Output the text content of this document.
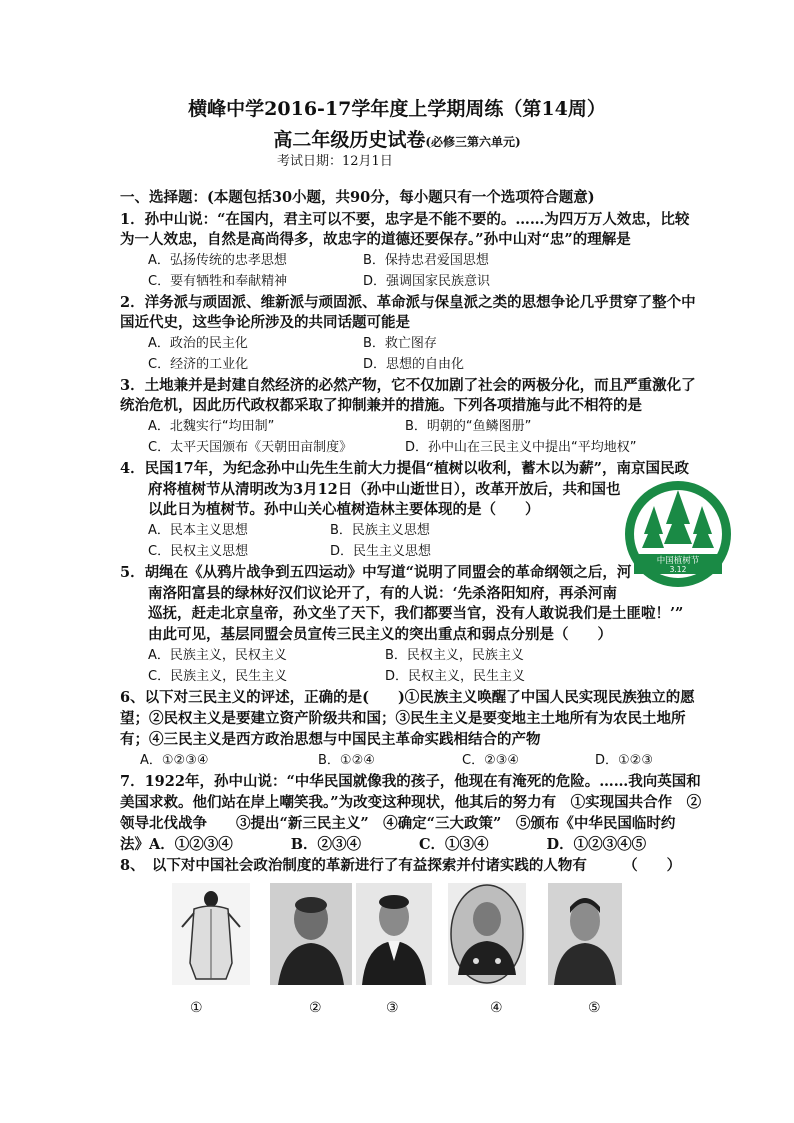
横峰中学2016-17学年度上学期周练（第14周）
高二年级历史试卷(必修三第六单元)
考试日期：12月1日
一、选择题：(本题包括30小题，共90分，每小题只有一个选项符合题意)
1．孙中山说：“在国内，君主可以不要，忠字是不能不要的。……为四万万人效忠，比较
为一人效忠，自然是高尚得多，故忠字的道德还要保存。”孙中山对“忠”的理解是
A．弘扬传统的忠孝思想	B．保持忠君爱国思想
C．要有牺牲和奉献精神	D．强调国家民族意识
2．洋务派与顽固派、维新派与顽固派、革命派与保皇派之类的思想争论几乎贯穿了整个中
国近代史，这些争论所涉及的共同话题可能是
A．政治的民主化	B．救亡图存
C．经济的工业化	D．思想的自由化
3．土地兼并是封建自然经济的必然产物，它不仅加剧了社会的两极分化，而且严重激化了
统治危机，因此历代政权都采取了抑制兼并的措施。下列各项措施与此不相符的是
A．北魏实行“均田制”	B．明朝的“鱼鳞图册”
C．太平天国颁布《天朝田亩制度》	D．孙中山在三民主义中提出“平均地权”
4．民国17年，为纪念孙中山先生生前大力提倡“植树以收利，蓄木以为薪”，南京国民政
府将植树节从清明改为3月12日（孙中山逝世日），改革开放后，共和国也
以此日为植树节。孙中山关心植树造林主要体现的是（　　）
A．民本主义思想	B．民族主义思想
C．民权主义思想	D．民生主义思想
中国植树节
3.12
5．胡绳在《从鸦片战争到五四运动》中写道“说明了同盟会的革命纲领之后，河
南洛阳富县的绿林好汉们议论开了，有的人说：‘先杀洛阳知府，再杀河南
巡抚，赶走北京皇帝，孙文坐了天下，我们都要当官，没有人敢说我们是土匪啦！’”
由此可见，基层同盟会员宣传三民主义的突出重点和弱点分别是（　　）
A．民族主义，民权主义	B．民权主义，民族主义
C．民族主义，民生主义	D．民权主义，民生主义
6、以下对三民主义的评述，正确的是(　　)①民族主义唤醒了中国人民实现民族独立的愿
望；②民权主义是要建立资产阶级共和国；③民生主义是要变地主土地所有为农民土地所
有；④三民主义是西方政治思想与中国民主革命实践相结合的产物
A．①②③④	B．①②④	C．②③④	D．①②③
7．1922年，孙中山说：“中华民国就像我的孩子，他现在有淹死的危险。……我向英国和
美国求救。他们站在岸上嘲笑我。”为改变这种现状，他其后的努力有　①实现国共合作　②
领导北伐战争　　③提出“新三民主义”　④确定“三大政策”　⑤颁布《中华民国临时约
法》A．①②③④　　　　B．②③④　　　　C．①③④　　　　D．①②③④⑤
8、　以下对中国社会政治制度的革新进行了有益探索并付诸实践的人物有　　　（　　）
①	②	③	④	⑤
